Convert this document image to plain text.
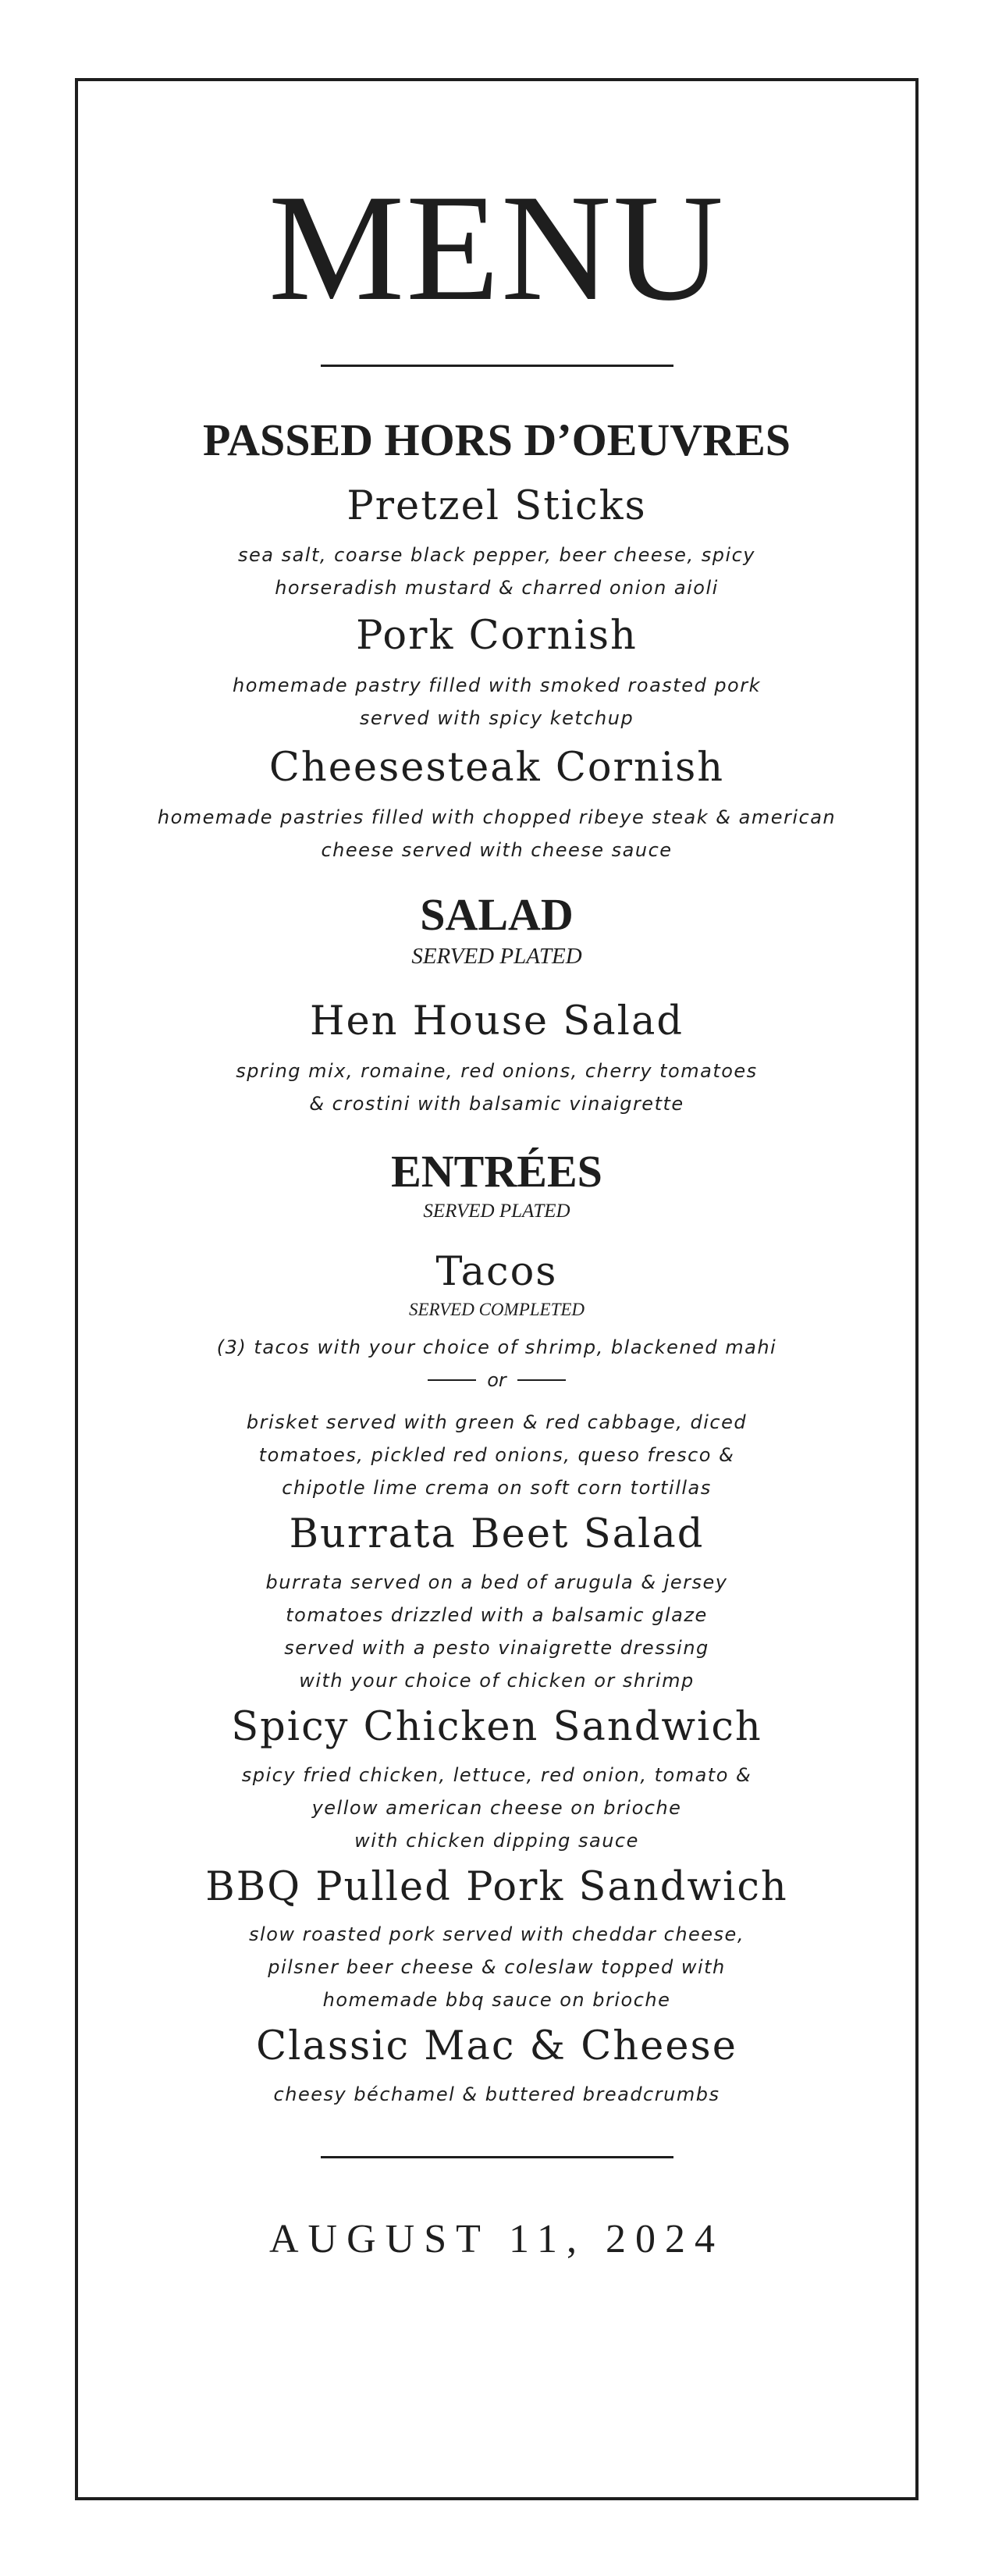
MENU
PASSED HORS D’OEUVRES
Pretzel Sticks
sea salt, coarse black pepper, beer cheese, spicy
horseradish mustard & charred onion aioli
Pork Cornish
homemade pastry filled with smoked roasted pork
served with spicy ketchup
Cheesesteak Cornish
homemade pastries filled with chopped ribeye steak & american
cheese served with cheese sauce
SALAD
SERVED PLATED
Hen House Salad
spring mix, romaine, red onions, cherry tomatoes
& crostini with balsamic vinaigrette
ENTRÉES
SERVED PLATED
Tacos
SERVED COMPLETED
(3) tacos with your choice of shrimp, blackened mahi
or
brisket served with green & red cabbage, diced
tomatoes, pickled red onions, queso fresco &
chipotle lime crema on soft corn tortillas
Burrata Beet Salad
burrata served on a bed of arugula & jersey
tomatoes drizzled with a balsamic glaze
served with a pesto vinaigrette dressing
with your choice of chicken or shrimp
Spicy Chicken Sandwich
spicy fried chicken, lettuce, red onion, tomato &
yellow american cheese on brioche
with chicken dipping sauce
BBQ Pulled Pork Sandwich
slow roasted pork served with cheddar cheese,
pilsner beer cheese & coleslaw topped with
homemade bbq sauce on brioche
Classic Mac & Cheese
cheesy béchamel & buttered breadcrumbs
AUGUST 11, 2024
